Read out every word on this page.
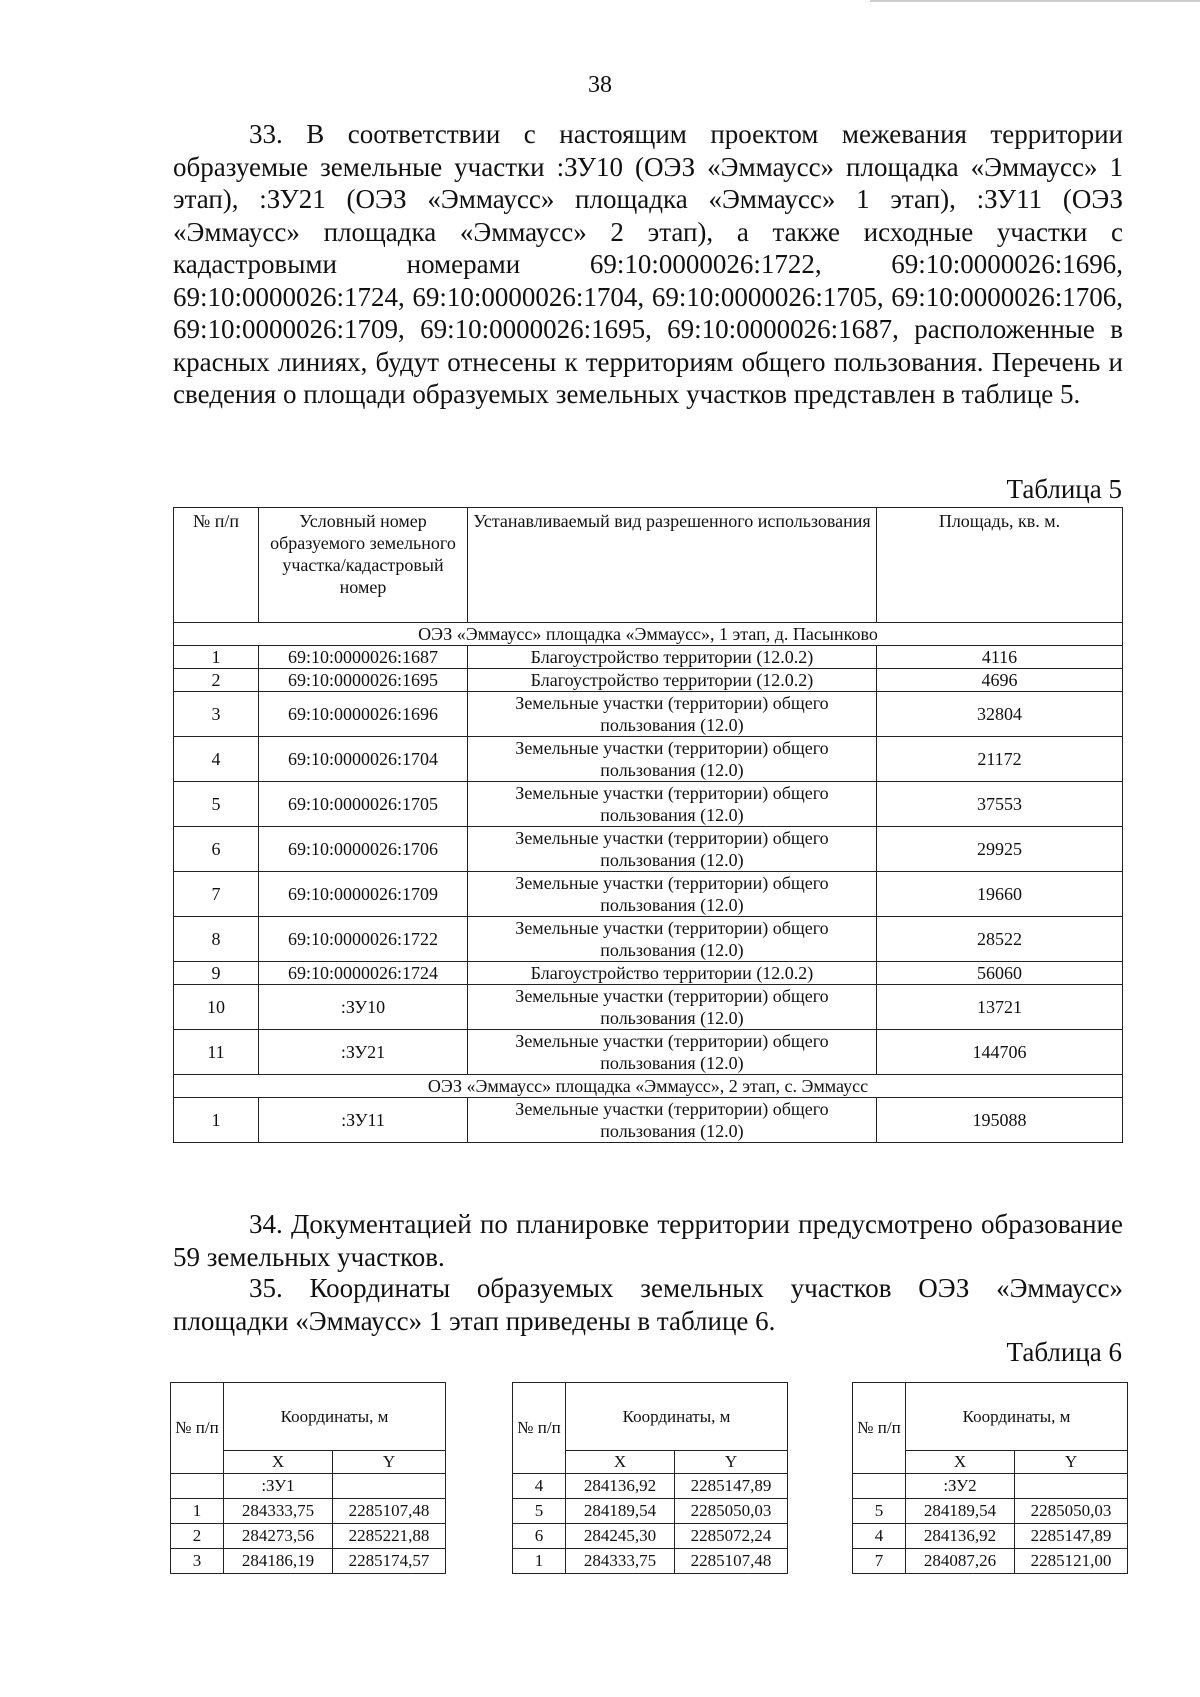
38
33. В соответствии с настоящим проектом межевания территории образуемые земельные участки :ЗУ10 (ОЭЗ «Эммаусс» площадка «Эммаусс» 1 этап), :ЗУ21 (ОЭЗ «Эммаусс» площадка «Эммаусс» 1 этап), :ЗУ11 (ОЭЗ «Эммаусс» площадка «Эммаусс» 2 этап), а также исходные участки с кадастровыми номерами 69:10:0000026:1722, 69:10:0000026:1696, 69:10:0000026:1724, 69:10:0000026:1704, 69:10:0000026:1705, 69:10:0000026:1706, 69:10:0000026:1709, 69:10:0000026:1695, 69:10:0000026:1687, расположенные в красных линиях, будут отнесены к территориям общего пользования. Перечень и сведения о площади образуемых земельных участков представлен в таблице 5.
Таблица 5
№ п/п	Условный номер образуемого земельного участка/кадастровый номер	Устанавливаемый вид разрешенного использования	Площадь, кв. м.
ОЭЗ «Эммаусс» площадка «Эммаусс», 1 этап, д. Пасынково			
1	69:10:0000026:1687	Благоустройство территории (12.0.2)	4116
2	69:10:0000026:1695	Благоустройство территории (12.0.2)	4696
3	69:10:0000026:1696	Земельные участки (территории) общего пользования (12.0)	32804
4	69:10:0000026:1704	Земельные участки (территории) общего пользования (12.0)	21172
5	69:10:0000026:1705	Земельные участки (территории) общего пользования (12.0)	37553
6	69:10:0000026:1706	Земельные участки (территории) общего пользования (12.0)	29925
7	69:10:0000026:1709	Земельные участки (территории) общего пользования (12.0)	19660
8	69:10:0000026:1722	Земельные участки (территории) общего пользования (12.0)	28522
9	69:10:0000026:1724	Благоустройство территории (12.0.2)	56060
10	:ЗУ10	Земельные участки (территории) общего пользования (12.0)	13721
11	:ЗУ21	Земельные участки (территории) общего пользования (12.0)	144706
ОЭЗ «Эммаусс» площадка «Эммаусс», 2 этап, с. Эммаусс			
1	:ЗУ11	Земельные участки (территории) общего пользования (12.0)	195088
34. Документацией по планировке территории предусмотрено образование 59 земельных участков.
35. Координаты образуемых земельных участков ОЭЗ «Эммаусс» площадки «Эммаусс» 1 этап приведены в таблице 6.
Таблица 6
№ п/п	Координаты, м	
	X	Y
	:ЗУ1	
1	284333,75	2285107,48
2	284273,56	2285221,88
3	284186,19	2285174,57
№ п/п	Координаты, м	
	X	Y
4	284136,92	2285147,89
5	284189,54	2285050,03
6	284245,30	2285072,24
1	284333,75	2285107,48
№ п/п	Координаты, м	
	X	Y
	:ЗУ2	
5	284189,54	2285050,03
4	284136,92	2285147,89
7	284087,26	2285121,00
